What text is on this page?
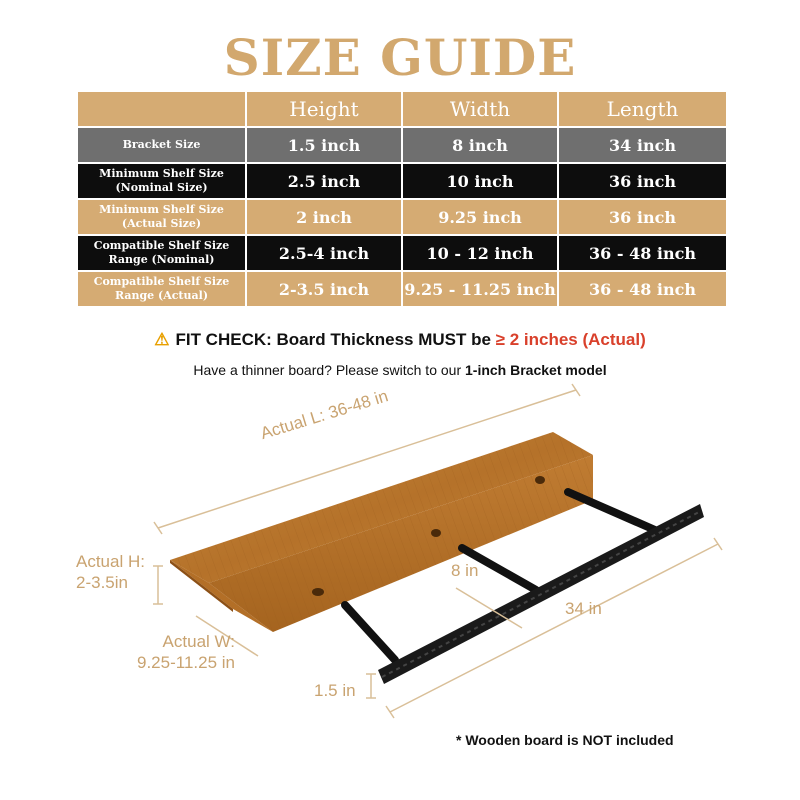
SIZE GUIDE
	Height	Width	Length
Bracket Size	1.5 inch	8 inch	34 inch
Minimum Shelf Size
(Nominal Size)	2.5 inch	10 inch	36 inch
Minimum Shelf Size
(Actual Size)	2 inch	9.25 inch	36 inch
Compatible Shelf Size
Range (Nominal)	2.5-4 inch	10 - 12 inch	36 - 48 inch
Compatible Shelf Size
Range (Actual)	2-3.5 inch	9.25 - 11.25 inch	36 - 48 inch
⚠ FIT CHECK: Board Thickness MUST be ≥ 2 inches (Actual)
Have a thinner board? Please switch to our 1-inch Bracket model
Actual L: 36-48 in
Actual H:
2-3.5in
Actual W:
9.25-11.25 in
8 in
34 in
1.5 in
* Wooden board is NOT included
